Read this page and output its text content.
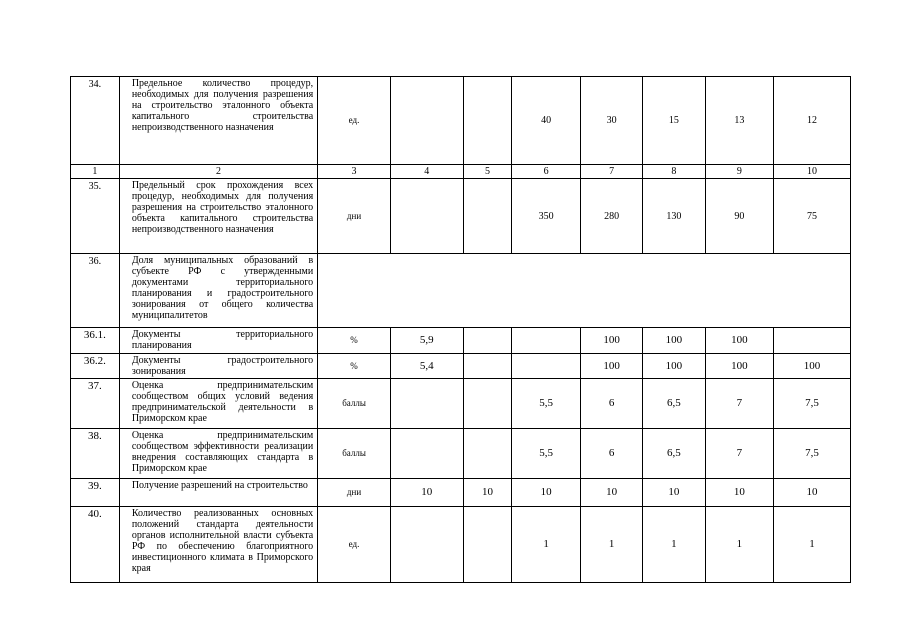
34.	Предельное количество процедур, необходимых для получения разрешения на строительство эталонного объекта капитального строительства непроизводственного назначения	ед.			40	30	15	13	12
1	2	3	4	5	6	7	8	9	10
35.	Предельный срок прохождения всех процедур, необходимых для получения разрешения на строительство эталонного объекта капитального строительства непроизводственного назначения	дни			350	280	130	90	75
36.	Доля муниципальных образований в субъекте РФ с утвержденными документами территориального планирования и градостроительного зонирования от общего количества муниципалитетов								
36.1.	Документы территориального планирования	%	5,9			100	100	100	
36.2.	Документы градостроительного зонирования	%	5,4			100	100	100	100
37.	Оценка предпринимательским сообществом общих условий ведения предпринимательской деятельности в Приморском крае	баллы			5,5	6	6,5	7	7,5
38.	Оценка предпринимательским сообществом эффективности реализации внедрения составляющих стандарта в Приморском крае	баллы			5,5	6	6,5	7	7,5
39.	Получение разрешений на строительство	дни	10	10	10	10	10	10	10
40.	Количество реализованных основных положений стандарта деятельности органов исполнительной власти субъекта РФ по обеспечению благоприятного инвестиционного климата в Приморского края	ед.			1	1	1	1	1
